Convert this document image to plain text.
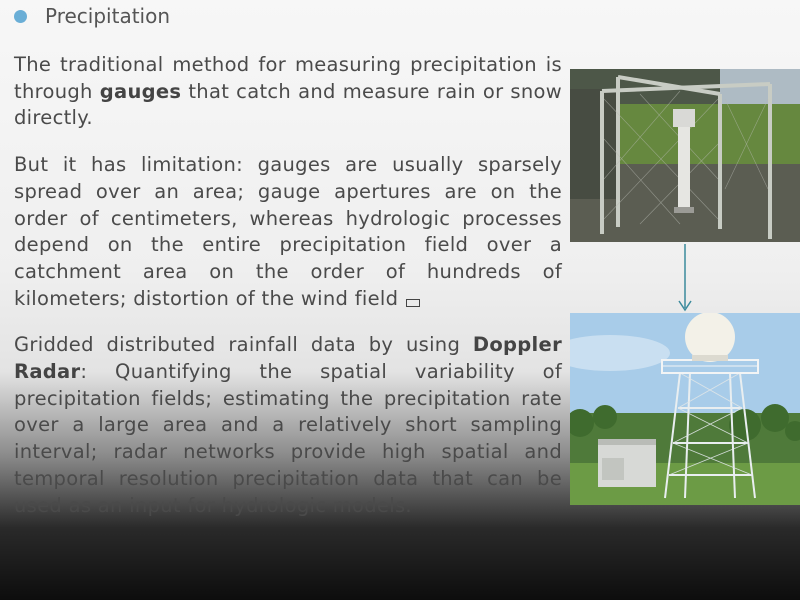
Precipitation

The traditional method for measuring precipitation is through gauges that catch and measure rain or snow directly.

But it has limitation: gauges are usually sparsely spread over an area; gauge apertures are on the order of centimeters, whereas hydrologic processes depend on the entire precipitation field over a catchment area on the order of hundreds of kilometers; distortion of the wind field

Gridded distributed rainfall data by using Doppler Radar: Quantifying the spatial variability of precipitation fields; estimating the precipitation rate over a large area and a relatively short sampling interval; radar networks provide high spatial and temporal resolution precipitation data that can be used as an input for hydrologic models.
